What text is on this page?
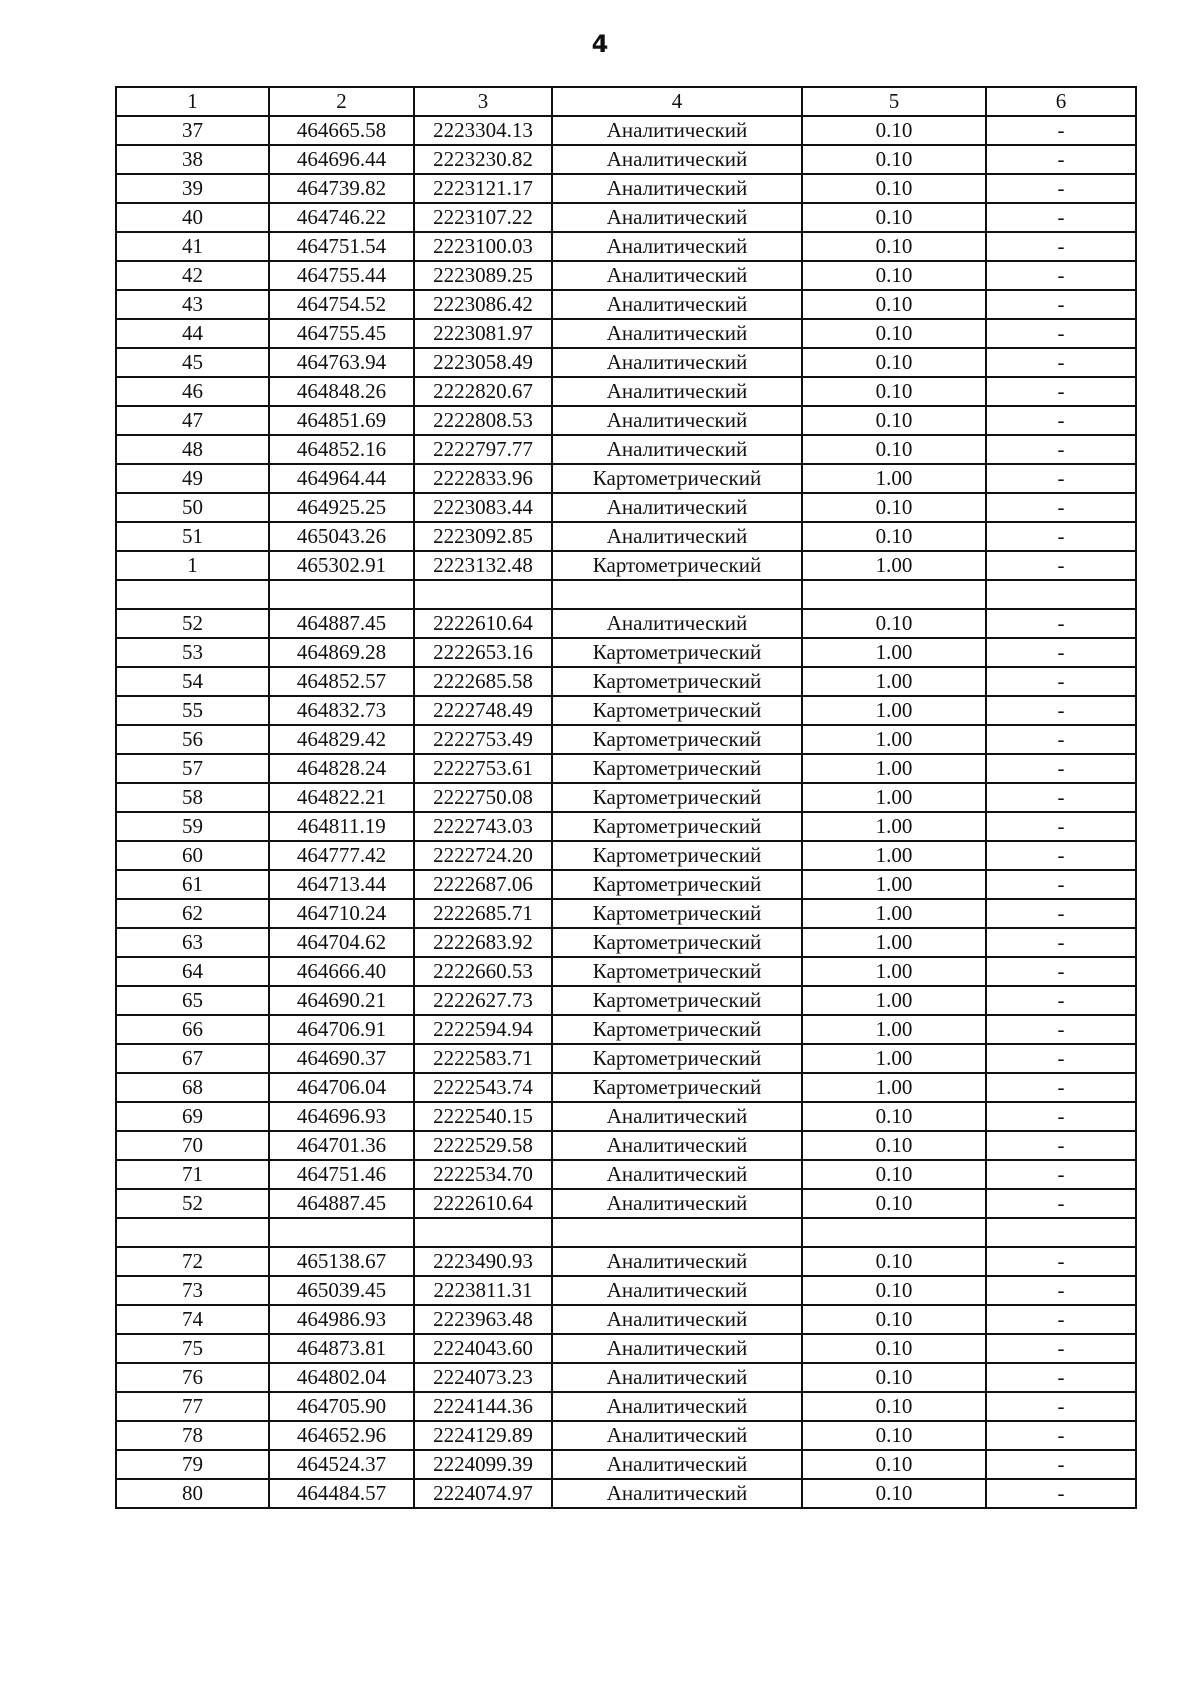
4
1	2	3	4	5	6
37	464665.58	2223304.13	Аналитический	0.10	-
38	464696.44	2223230.82	Аналитический	0.10	-
39	464739.82	2223121.17	Аналитический	0.10	-
40	464746.22	2223107.22	Аналитический	0.10	-
41	464751.54	2223100.03	Аналитический	0.10	-
42	464755.44	2223089.25	Аналитический	0.10	-
43	464754.52	2223086.42	Аналитический	0.10	-
44	464755.45	2223081.97	Аналитический	0.10	-
45	464763.94	2223058.49	Аналитический	0.10	-
46	464848.26	2222820.67	Аналитический	0.10	-
47	464851.69	2222808.53	Аналитический	0.10	-
48	464852.16	2222797.77	Аналитический	0.10	-
49	464964.44	2222833.96	Картометрический	1.00	-
50	464925.25	2223083.44	Аналитический	0.10	-
51	465043.26	2223092.85	Аналитический	0.10	-
1	465302.91	2223132.48	Картометрический	1.00	-

52	464887.45	2222610.64	Аналитический	0.10	-
53	464869.28	2222653.16	Картометрический	1.00	-
54	464852.57	2222685.58	Картометрический	1.00	-
55	464832.73	2222748.49	Картометрический	1.00	-
56	464829.42	2222753.49	Картометрический	1.00	-
57	464828.24	2222753.61	Картометрический	1.00	-
58	464822.21	2222750.08	Картометрический	1.00	-
59	464811.19	2222743.03	Картометрический	1.00	-
60	464777.42	2222724.20	Картометрический	1.00	-
61	464713.44	2222687.06	Картометрический	1.00	-
62	464710.24	2222685.71	Картометрический	1.00	-
63	464704.62	2222683.92	Картометрический	1.00	-
64	464666.40	2222660.53	Картометрический	1.00	-
65	464690.21	2222627.73	Картометрический	1.00	-
66	464706.91	2222594.94	Картометрический	1.00	-
67	464690.37	2222583.71	Картометрический	1.00	-
68	464706.04	2222543.74	Картометрический	1.00	-
69	464696.93	2222540.15	Аналитический	0.10	-
70	464701.36	2222529.58	Аналитический	0.10	-
71	464751.46	2222534.70	Аналитический	0.10	-
52	464887.45	2222610.64	Аналитический	0.10	-

72	465138.67	2223490.93	Аналитический	0.10	-
73	465039.45	2223811.31	Аналитический	0.10	-
74	464986.93	2223963.48	Аналитический	0.10	-
75	464873.81	2224043.60	Аналитический	0.10	-
76	464802.04	2224073.23	Аналитический	0.10	-
77	464705.90	2224144.36	Аналитический	0.10	-
78	464652.96	2224129.89	Аналитический	0.10	-
79	464524.37	2224099.39	Аналитический	0.10	-
80	464484.57	2224074.97	Аналитический	0.10	-
